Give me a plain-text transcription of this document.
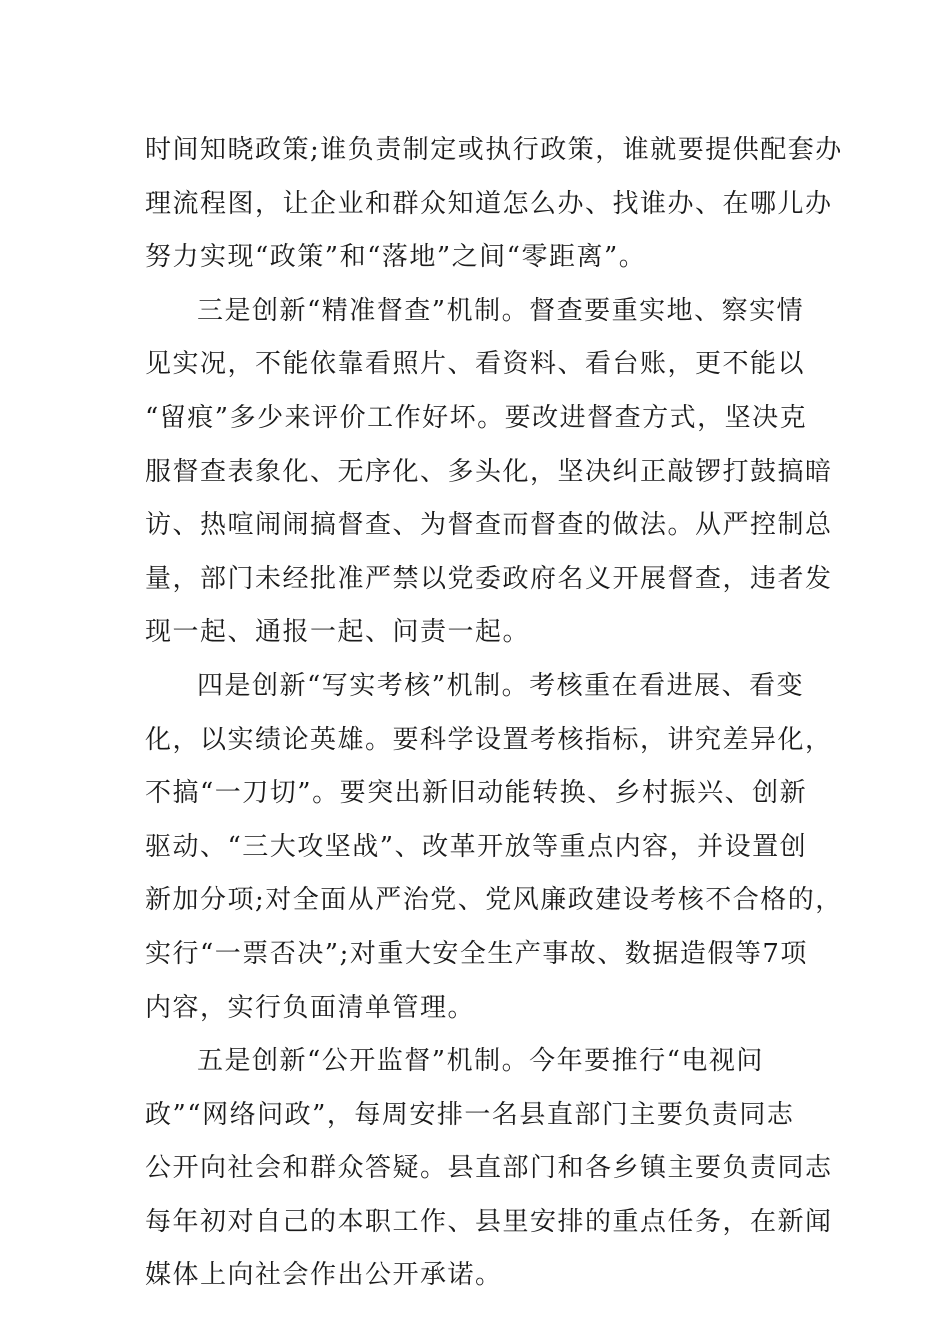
时间知晓政策;谁负责制定或执行政策，谁就要提供配套办
理流程图，让企业和群众知道怎么办、找谁办、在哪儿办
努力实现“政策”和“落地”之间“零距离”。
三是创新“精准督查”机制。督查要重实地、察实情
见实况，不能依靠看照片、看资料、看台账，更不能以
“留痕”多少来评价工作好坏。要改进督查方式，坚决克
服督查表象化、无序化、多头化，坚决纠正敲锣打鼓搞暗
访、热喧闹闹搞督查、为督查而督查的做法。从严控制总
量，部门未经批准严禁以党委政府名义开展督查，违者发
现一起、通报一起、问责一起。
四是创新“写实考核”机制。考核重在看进展、看变
化，以实绩论英雄。要科学设置考核指标，讲究差异化，
不搞“一刀切”。要突出新旧动能转换、乡村振兴、创新
驱动、“三大攻坚战”、改革开放等重点内容，并设置创
新加分项;对全面从严治党、党风廉政建设考核不合格的，
实行“一票否决”;对重大安全生产事故、数据造假等7项
内容，实行负面清单管理。
五是创新“公开监督”机制。今年要推行“电视问
政”“网络问政”，每周安排一名县直部门主要负责同志
公开向社会和群众答疑。县直部门和各乡镇主要负责同志
每年初对自己的本职工作、县里安排的重点任务，在新闻
媒体上向社会作出公开承诺。
